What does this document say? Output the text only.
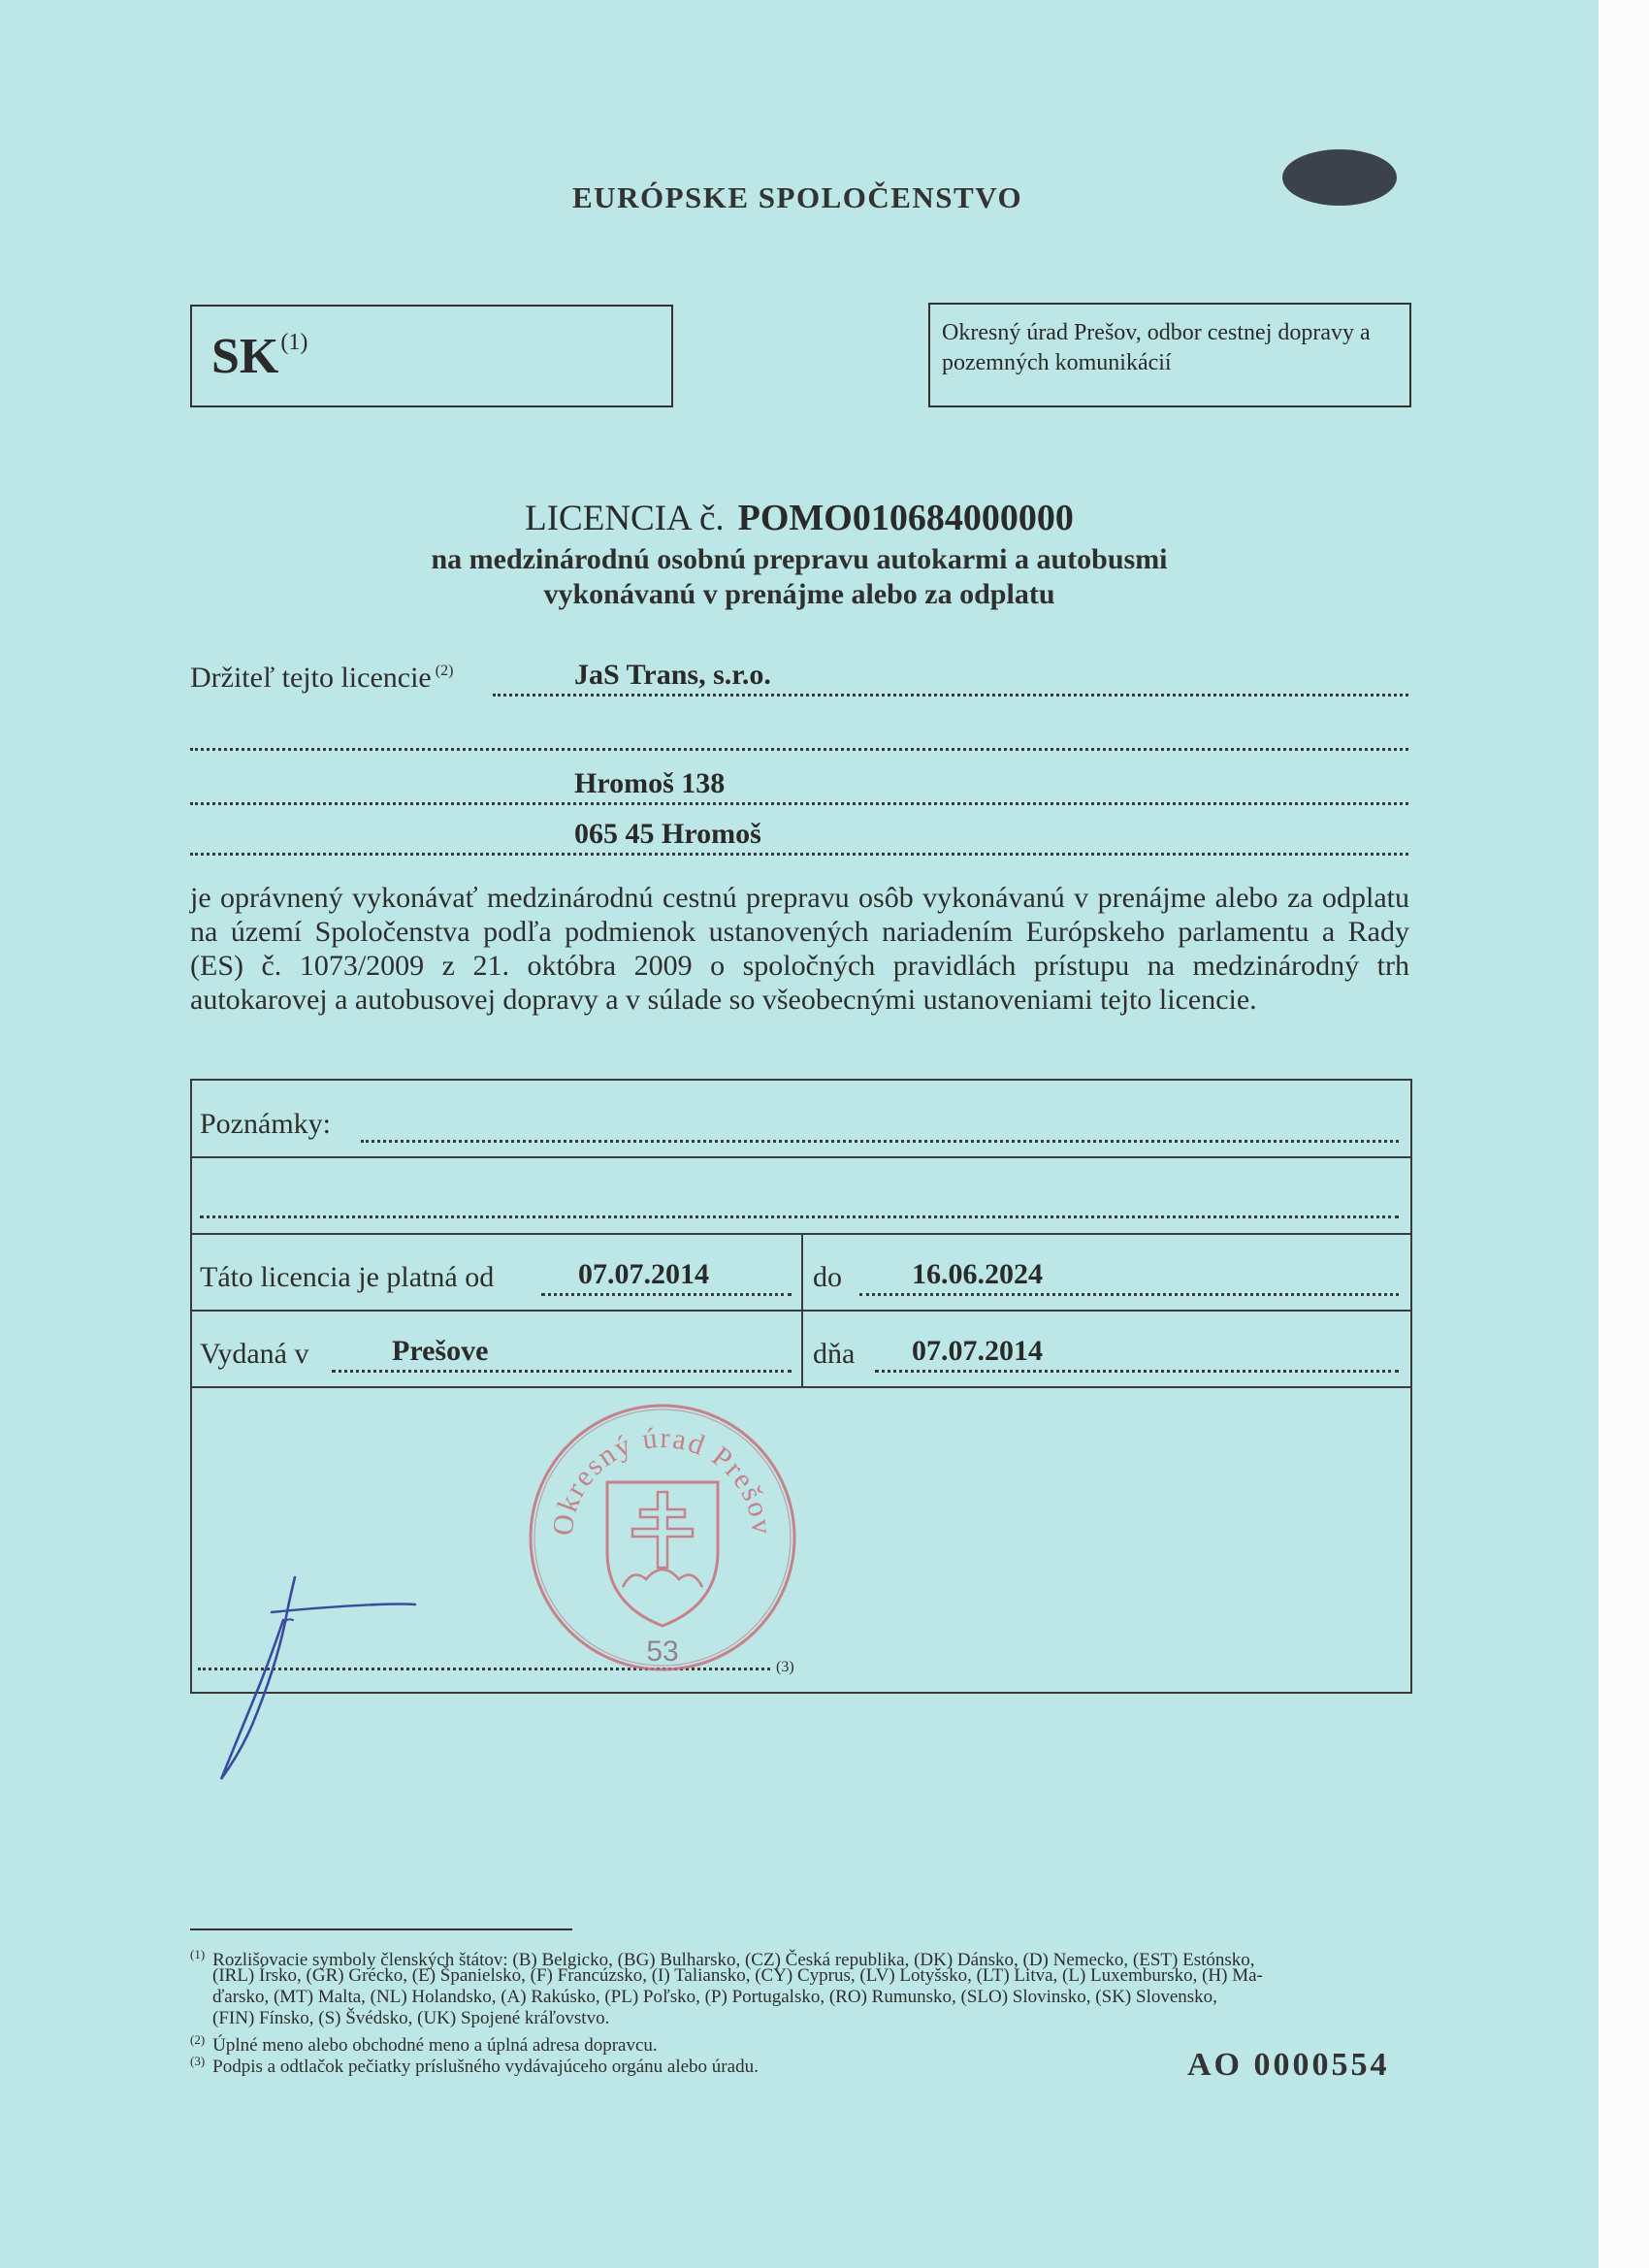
EURÓPSKE SPOLOČENSTVO
SK$^{(1)}$	Okresný úrad Prešov, odbor cestnej dopravy a pozemných komunikácií
LICENCIA č. POMO010684000000
na medzinárodnú osobnú prepravu autokarmi a autobusmi
vykonávanú v prenájme alebo za odplatu
Držiteľ tejto licencie $^{(2)}$	JaS Trans, s.r.o.
Hromoš 138
065 45 Hromoš
je oprávnený vykonávať medzinárodnú cestnú prepravu osôb vykonávanú v prenájme alebo za odplatu na území Spoločenstva podľa podmienok ustanovených nariadením Európskeho parlamentu a Rady (ES) č. 1073/2009 z 21. októbra 2009 o spoločných pravidlách prístupu na medzinárodný trh autokarovej a autobusovej dopravy a v súlade so všeobecnými ustanoveniami tejto licencie.
Poznámky:
Táto licencia je platná od	07.07.2014	do 16.06.2024
Vydaná v	Prešove	dňa 07.07.2014
(3)
Okresný úrad Prešov
53
$^{(1)}$ Rozlišovacie symboly členských štátov: (B) Belgicko, (BG) Bulharsko, (CZ) Česká republika, (DK) Dánsko, (D) Nemecko, (EST) Estónsko,
(IRL) Írsko, (GR) Grécko, (E) Španielsko, (F) Francúzsko, (I) Taliansko, (CY) Cyprus, (LV) Lotyšsko, (LT) Litva, (L) Luxembursko, (H) Ma-
ďarsko, (MT) Malta, (NL) Holandsko, (A) Rakúsko, (PL) Poľsko, (P) Portugalsko, (RO) Rumunsko, (SLO) Slovinsko, (SK) Slovensko,
(FIN) Fínsko, (S) Švédsko, (UK) Spojené kráľovstvo.
$^{(2)}$ Úplné meno alebo obchodné meno a úplná adresa dopravcu.
$^{(3)}$ Podpis a odtlačok pečiatky príslušného vydávajúceho orgánu alebo úradu.	AO 0000554
